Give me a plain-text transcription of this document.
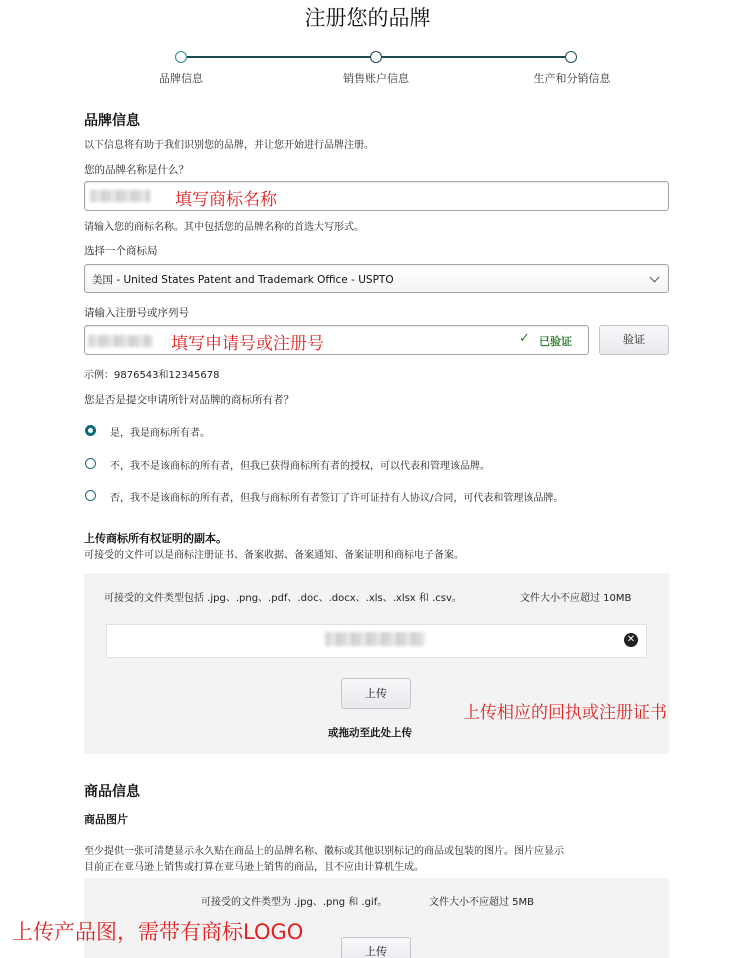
注册您的品牌
品牌信息	销售账户信息	生产和分销信息
品牌信息
以下信息将有助于我们识别您的品牌，并让您开始进行品牌注册。
您的品牌名称是什么？
填写商标名称
请输入您的商标名称。其中包括您的品牌名称的首选大写形式。
选择一个商标局
美国 - United States Patent and Trademark Office - USPTO
请输入注册号或序列号
填写申请号或注册号	✓ 已验证	验证
示例：9876543和12345678
您是否是提交申请所针对品牌的商标所有者？
是，我是商标所有者。
不，我不是该商标的所有者，但我已获得商标所有者的授权，可以代表和管理该品牌。
否，我不是该商标的所有者，但我与商标所有者签订了许可证持有人协议/合同，可代表和管理该品牌。
上传商标所有权证明的副本。
可接受的文件可以是商标注册证书、备案收据、备案通知、备案证明和商标电子备案。
可接受的文件类型包括 .jpg、.png、.pdf、.doc、.docx、.xls、.xlsx 和 .csv。	文件大小不应超过 10MB
✕
上传
或拖动至此处上传
上传相应的回执或注册证书
商品信息
商品图片
至少提供一张可清楚显示永久贴在商品上的品牌名称、徽标或其他识别标记的商品或包装的图片。图片应显示
目前正在亚马逊上销售或打算在亚马逊上销售的商品，且不应由计算机生成。
可接受的文件类型为 .jpg、.png 和 .gif。	文件大小不应超过 5MB
上传
上传产品图，需带有商标LOGO
